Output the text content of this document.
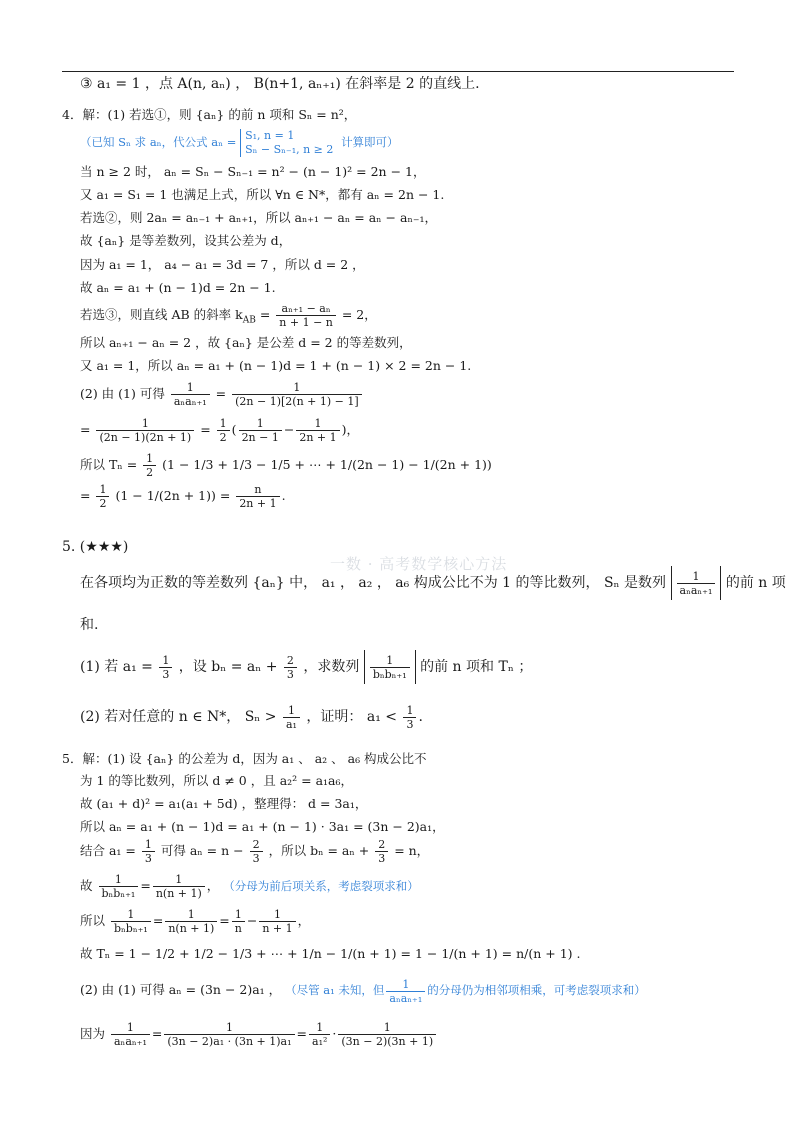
③ a₁ = 1 ，点 A(n, aₙ) ， B(n+1, aₙ₊₁) 在斜率是 2 的直线上.
4．解：(1) 若选①，则 {aₙ} 的前 n 项和 Sₙ = n²，
（已知 Sₙ 求 aₙ，代公式 aₙ = S₁, n = 1
Sₙ − Sₙ₋₁, n ≥ 2
计算即可）
当 n ≥ 2 时， aₙ = Sₙ − Sₙ₋₁ = n² − (n − 1)² = 2n − 1，
又 a₁ = S₁ = 1 也满足上式，所以 ∀n ∈ N*，都有 aₙ = 2n − 1.
若选②，则 2aₙ = aₙ₋₁ + aₙ₊₁，所以 aₙ₊₁ − aₙ = aₙ − aₙ₋₁，
故 {aₙ} 是等差数列，设其公差为 d，
因为 a₁ = 1， a₄ − a₁ = 3d = 7 ，所以 d = 2 ，
故 aₙ = a₁ + (n − 1)d = 2n − 1.
若选③，则直线 AB 的斜率 $k_{AB} = \frac{\text{aₙ₊₁ − aₙ}}{n + 1 - n} = 2$，
所以 aₙ₊₁ − aₙ = 2 ，故 {aₙ} 是公差 d = 2 的等差数列，
又 a₁ = 1，所以 aₙ = a₁ + (n − 1)d = 1 + (n − 1) × 2 = 2n − 1.
(2) 由 (1) 可得 $\frac{1}{\text{aₙaₙ₊₁}} = \frac{1}{(2n - 1)[2(n + 1) - 1]}$
= $\frac{1}{(2n - 1)(2n + 1)} = \frac{1}{2}$ ( $\frac{1}{2n - 1} - \frac{1}{2n + 1}$ )，
所以 $T_n = \frac{1}{2} (1 - 1/3 + 1/3 - 1/5$ + ⋯ + 1/(2n − 1) − 1/(2n + 1))
= $\frac{1}{2} (1 - 1/(2n + 1)) = \frac{n}{2n + 1}$ .
5. (★★★)
一数 · 高考数学核心方法
在各项均为正数的等差数列 {aₙ} 中， a₁ ， a₂ ， a₆ 构成公比不为 1 的等比数列， Sₙ 是数列 $\frac{1}{\text{aₙaₙ₊₁}}$ 的前 n 项
和.
(1) 若 $a_1 = \frac{1}{3}$ ，设 $b_n = a_n + \frac{2}{3}$ ，求数列 $\frac{1}{\text{bₙbₙ₊₁}}$ 的前 n 项和 Tₙ ；
(2) 若对任意的 n ∈ N*， $S_n > \frac{1}{\text{a₁}}$ ，证明： $a_1 < \frac{1}{3}$ .
5．解：(1) 设 {aₙ} 的公差为 d，因为 a₁ 、 a₂ 、 a₆ 构成公比不
为 1 的等比数列，所以 d ≠ 0 ，且 a₂² = a₁a₆，
故 (a₁ + d)² = a₁(a₁ + 5d) ，整理得： d = 3a₁，
所以 aₙ = a₁ + (n − 1)d = a₁ + (n − 1) · 3a₁ = (3n − 2)a₁，
结合 $a_1 = \frac{1}{3}$ 可得 $a_n = n - \frac{2}{3}$ ，所以 $b_n = a_n + \frac{2}{3} = n$，
故 $\frac{1}{\text{bₙbₙ₊₁}} = \frac{1}{n(n + 1)}$ ， （分母为前后项关系，考虑裂项求和）
所以 $\frac{1}{\text{bₙbₙ₊₁}} = \frac{1}{n(n + 1)} = \frac{1}{n} - \frac{1}{n + 1}$ ，
故 Tₙ = 1 − 1/2 + 1/2 − 1/3 + ⋯ + 1/n − 1/(n + 1) = 1 − 1/(n + 1) = n/(n + 1) .
(2) 由 (1) 可得 aₙ = (3n − 2)a₁ ， （尽管 a₁ 未知，但 $\frac{1}{\text{aₙaₙ₊₁}}$ 的分母仍为相邻项相乘，可考虑裂项求和）
因为 $\frac{1}{\text{aₙaₙ₊₁}} = \frac{1}{\text{(3n − 2)a₁ · (3n + 1)a₁}} = \frac{1}{\text{a₁²}} \cdot \frac{1}{(3n - 2)(3n + 1)}$
